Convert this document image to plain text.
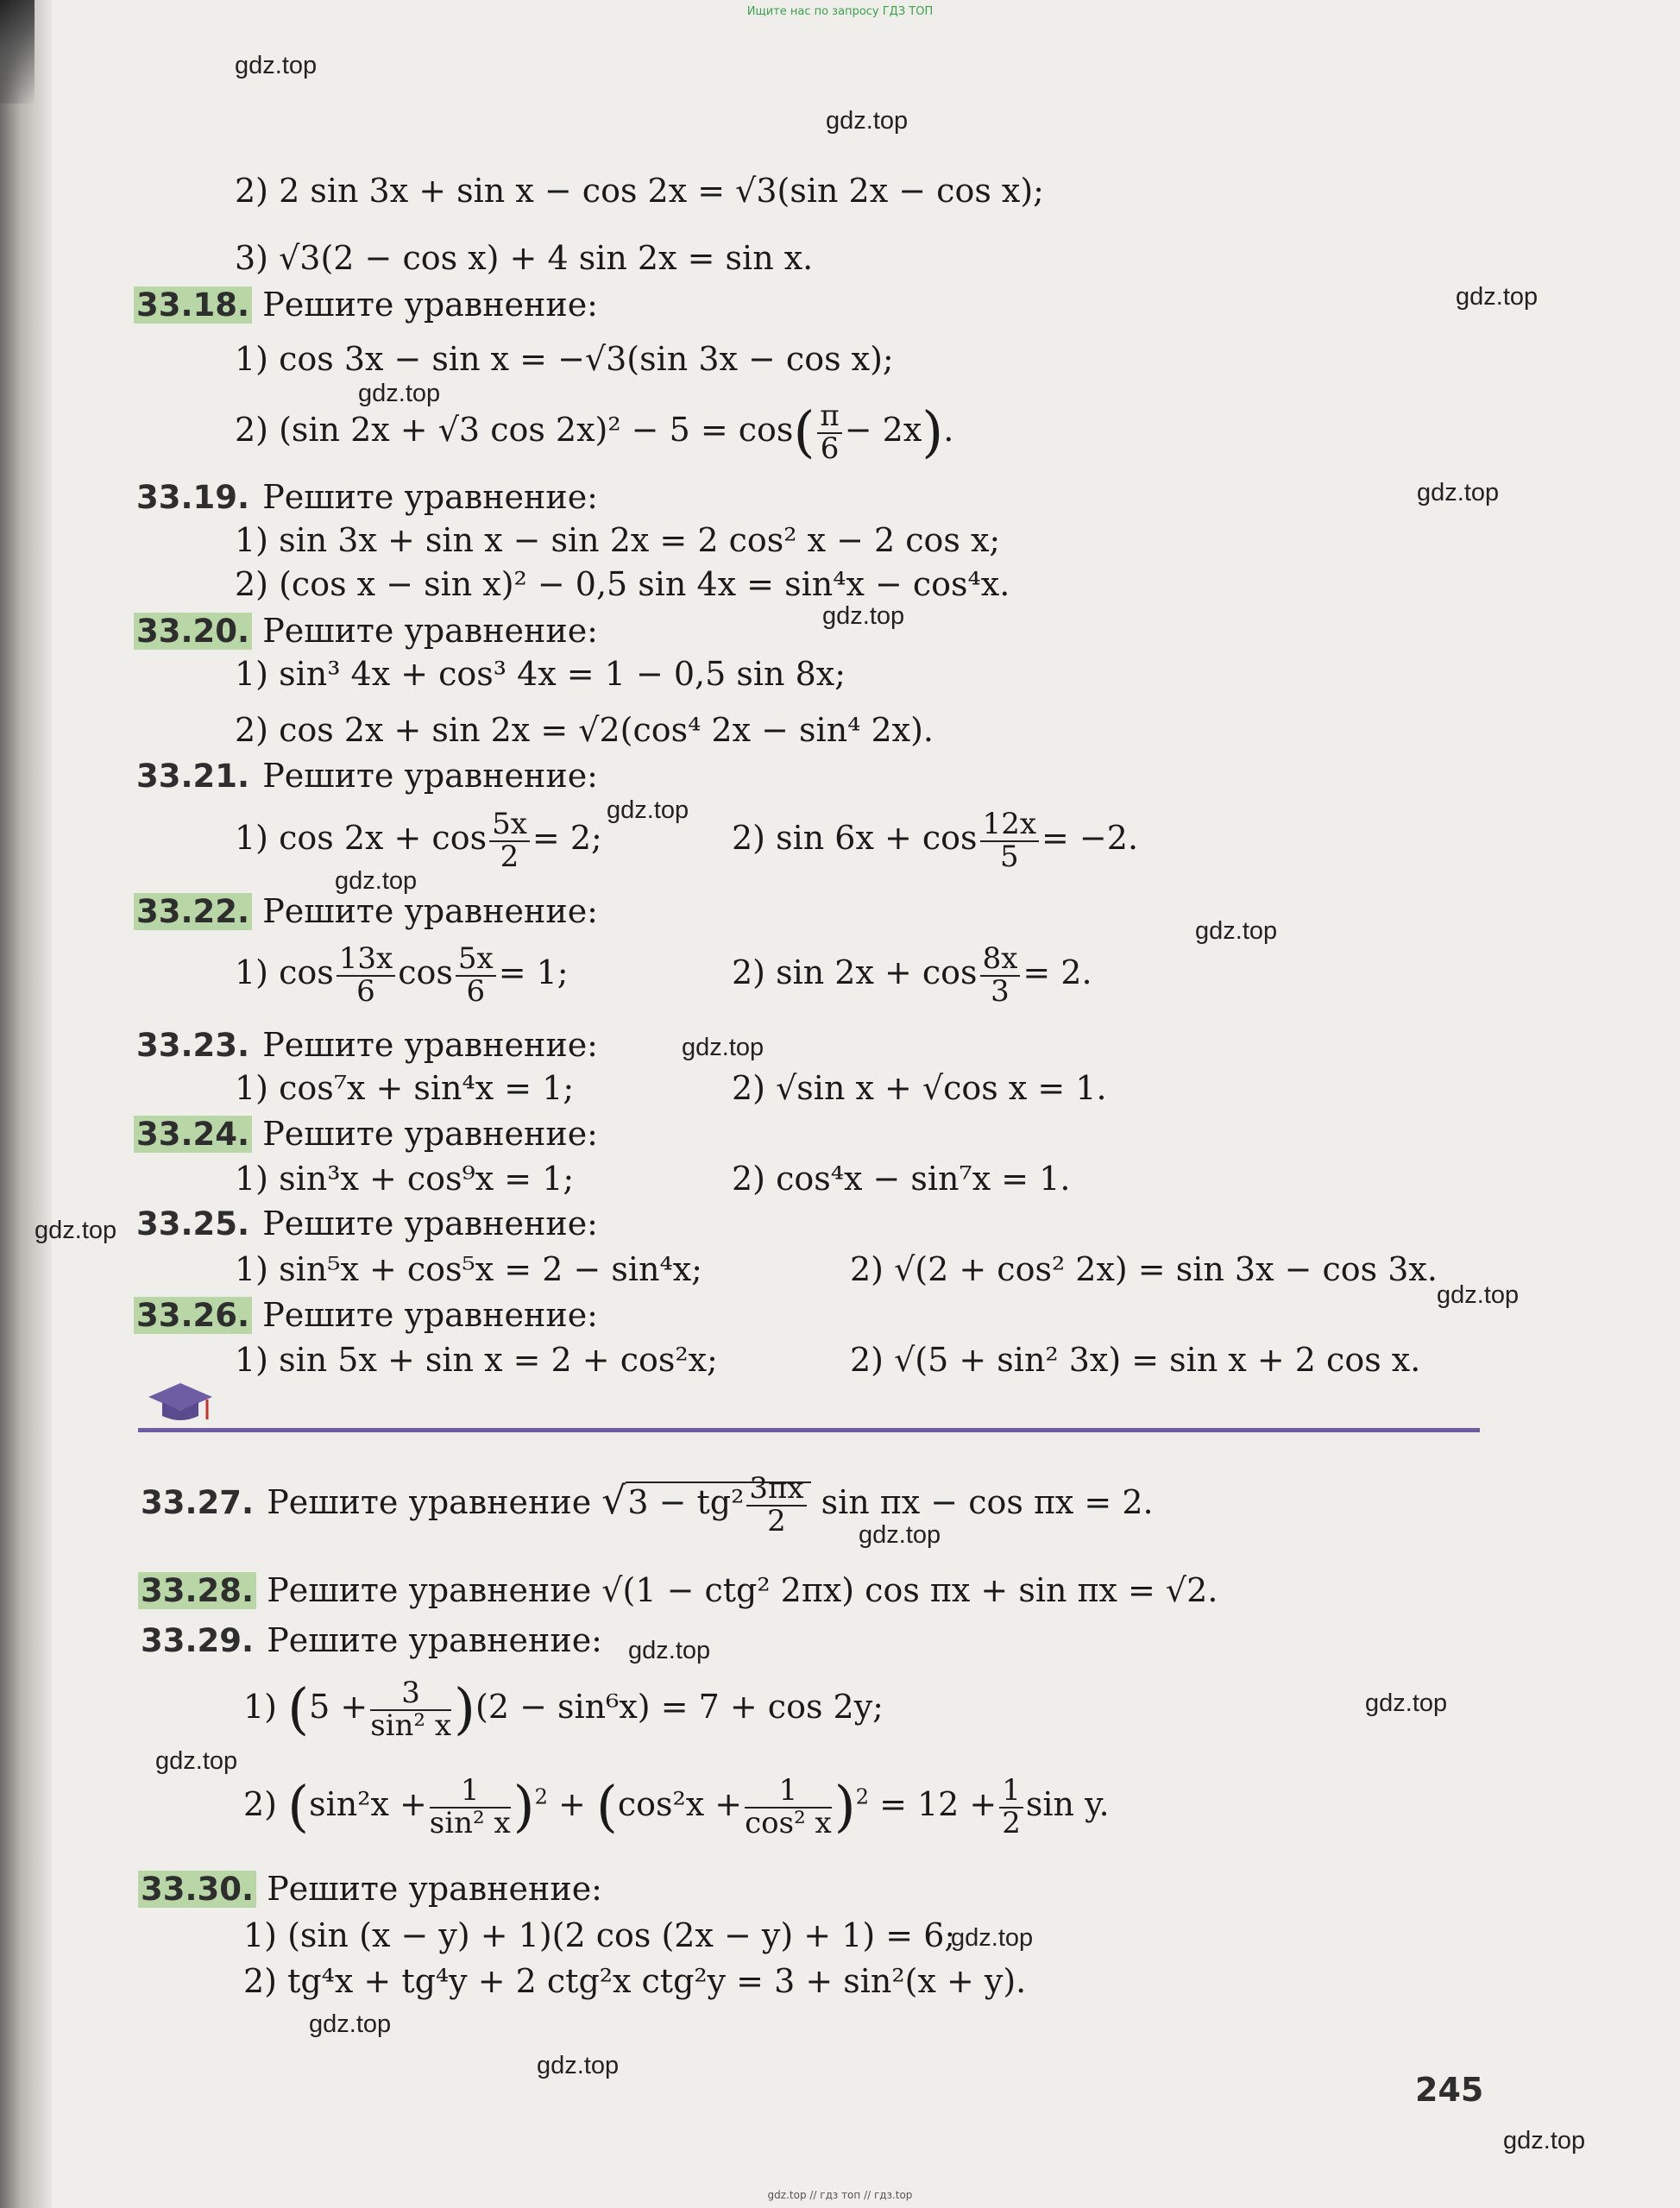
Ищите нас по запросу ГДЗ ТОП
gdz.top
gdz.top
gdz.top
gdz.top
gdz.top
gdz.top
gdz.top
gdz.top
gdz.top
gdz.top
gdz.top
gdz.top
gdz.top
gdz.top
gdz.top
gdz.top
gdz.top
gdz.top
gdz.top
gdz.top
2) 2 sin 3x + sin x − cos 2x = √3(sin 2x − cos x);
3) √3(2 − cos x) + 4 sin 2x = sin x.
33.18. Решите уравнение:
1) cos 3x − sin x = −√3(sin 3x − cos x);
2) (sin 2x + √3 $\cos 2x)^2 - 5 = \cos( \frac{\pi}{6} - 2x)$.
33.19. Решите уравнение:
1) sin 3x + sin x − sin 2x = 2 cos² x − 2 cos x;
2) (cos x − sin x)² − 0,5 sin 4x = sin⁴x − cos⁴x.
33.20. Решите уравнение:
1) sin³ 4x + cos³ 4x = 1 − 0,5 sin 8x;
2) cos 2x + sin 2x = √2(cos⁴ 2x − sin⁴ 2x).
33.21. Решите уравнение:
1) $\cos 2x + \cos \frac{5x}{2} = 2$;	2) $\sin 6x + \cos \frac{12x}{5} = -2$.
33.22. Решите уравнение:
1) $\cos \frac{13x}{6}$ $\cos \frac{5x}{6} = 1$;	2) $\sin 2x + \cos \frac{8x}{3} = 2$.
33.23. Решите уравнение:
1) cos⁷x + sin⁴x = 1;	2) √sin x + √cos x = 1.
33.24. Решите уравнение:
1) sin³x + cos⁹x = 1;	2) cos⁴x − sin⁷x = 1.
33.25. Решите уравнение:
1) sin⁵x + cos⁵x = 2 − sin⁴x;	2) √(2 + cos² 2x) = sin 3x − cos 3x.
33.26. Решите уравнение:
1) sin 5x + sin x = 2 + cos²x;	2) √(5 + sin² 3x) = sin x + 2 cos x.
33.27. Решите уравнение $√3 - tg^2 \frac{3\pi x}{2}$ sin πx − cos πx = 2.
33.28. Решите уравнение √(1 − ctg² 2πx) cos πx + sin πx = √2.
33.29. Решите уравнение:
1) $(5 + \frac{3}{\text{sin² x}} )(2 - \sin^6x) = 7 + \cos 2y$;
2) $(\sin^2x + \frac{1}{\text{sin² x}} )^2 + (\cos^2x + \frac{1}{\text{cos² x}} )^2 = 12 + \frac{1}{2}$ sin y.
33.30. Решите уравнение:
1) (sin (x − y) + 1)(2 cos (2x − y) + 1) = 6;
2) tg⁴x + tg⁴y + 2 ctg²x ctg²y = 3 + sin²(x + y).
245
gdz.top // гдз топ // гдз.top
